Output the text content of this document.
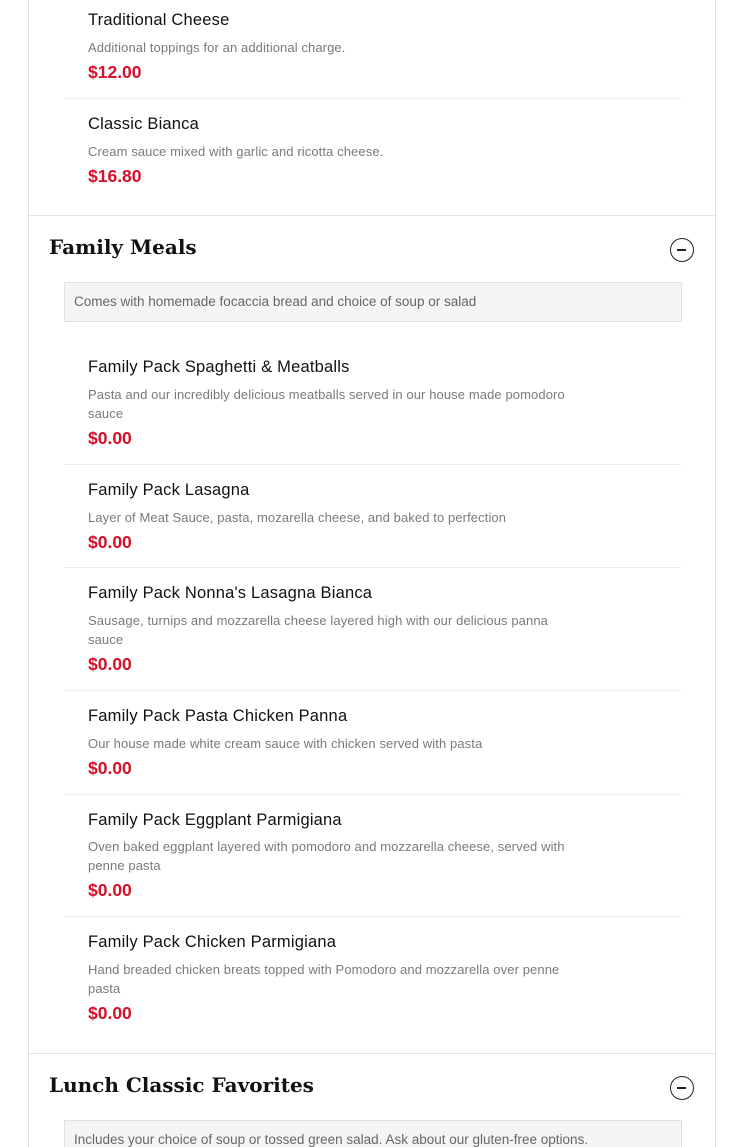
Traditional Cheese
Additional toppings for an additional charge.
$12.00
Classic Bianca
Cream sauce mixed with garlic and ricotta cheese.
$16.80
Family Meals
Comes with homemade focaccia bread and choice of soup or salad
Family Pack Spaghetti & Meatballs
Pasta and our incredibly delicious meatballs served in our house made pomodoro sauce
$0.00
Family Pack Lasagna
Layer of Meat Sauce, pasta, mozarella cheese, and baked to perfection
$0.00
Family Pack Nonna's Lasagna Bianca
Sausage, turnips and mozzarella cheese layered high with our delicious panna sauce
$0.00
Family Pack Pasta Chicken Panna
Our house made white cream sauce with chicken served with pasta
$0.00
Family Pack Eggplant Parmigiana
Oven baked eggplant layered with pomodoro and mozzarella cheese, served with penne pasta
$0.00
Family Pack Chicken Parmigiana
Hand breaded chicken breats topped with Pomodoro and mozzarella over penne pasta
$0.00
Lunch Classic Favorites
Includes your choice of soup or tossed green salad. Ask about our gluten-free options.
